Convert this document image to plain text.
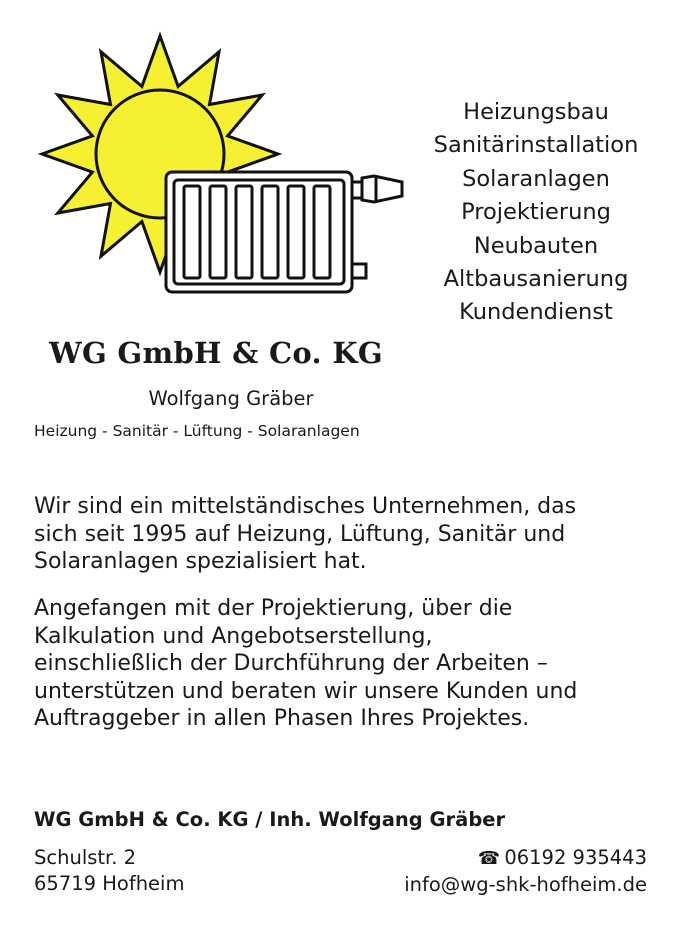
Heizungsbau
Sanitärinstallation
Solaranlagen
Projektierung
Neubauten
Altbausanierung
Kundendienst
WG GmbH & Co. KG
Wolfgang Gräber
Heizung - Sanitär - Lüftung - Solaranlagen
Wir sind ein mittelständisches Unternehmen, das
sich seit 1995 auf Heizung, Lüftung, Sanitär und
Solaranlagen spezialisiert hat.
Angefangen mit der Projektierung, über die
Kalkulation und Angebotserstellung,
einschließlich der Durchführung der Arbeiten –
unterstützen und beraten wir unsere Kunden und
Auftraggeber in allen Phasen Ihres Projektes.
WG GmbH & Co. KG / Inh. Wolfgang Gräber
Schulstr. 2
65719 Hofheim
☎ 06192 935443
info@wg-shk-hofheim.de
